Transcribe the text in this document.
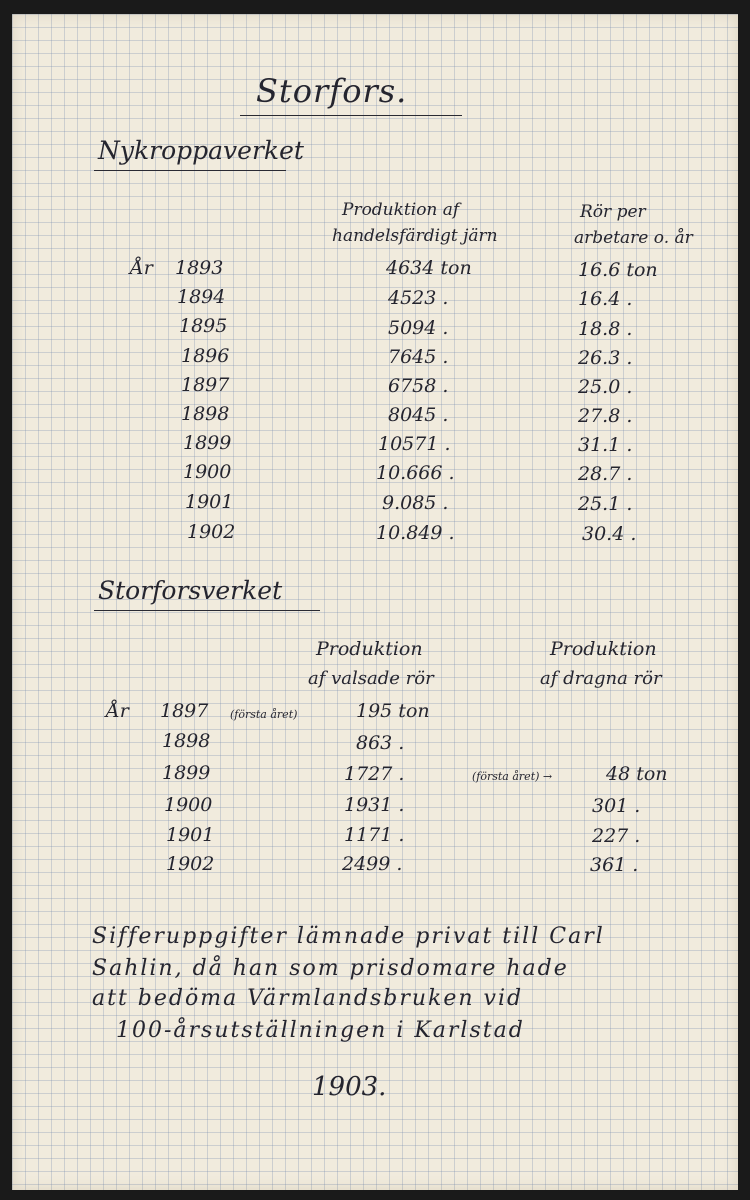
Storfors.
Nykroppaverket
Produktion af
handelsfärdigt järn
Rör per
arbetare o. år
År 1893	4634 ton	16.6 ton
1894	4523 .	16.4 .
1895	5094 .	18.8 .
1896	7645 .	26.3 .
1897	6758 .	25.0 .
1898	8045 .	27.8 .
1899	10571 .	31.1 .
1900	10.666 .	28.7 .
1901	9.085 .	25.1 .
1902	10.849 .	30.4 .
Storforsverket
Produktion
af valsade rör
Produktion
af dragna rör
År 1897 (första året)	195 ton
1898	863 .
1899	1727 .	(första året) →	48 ton
1900	1931 .	301 .
1901	1171 .	227 .
1902	2499 .	361 .
Sifferuppgifter lämnade privat till Carl
Sahlin, då han som prisdomare hade
att bedöma Värmlandsbruken vid
100-årsutställningen i Karlstad
1903.
